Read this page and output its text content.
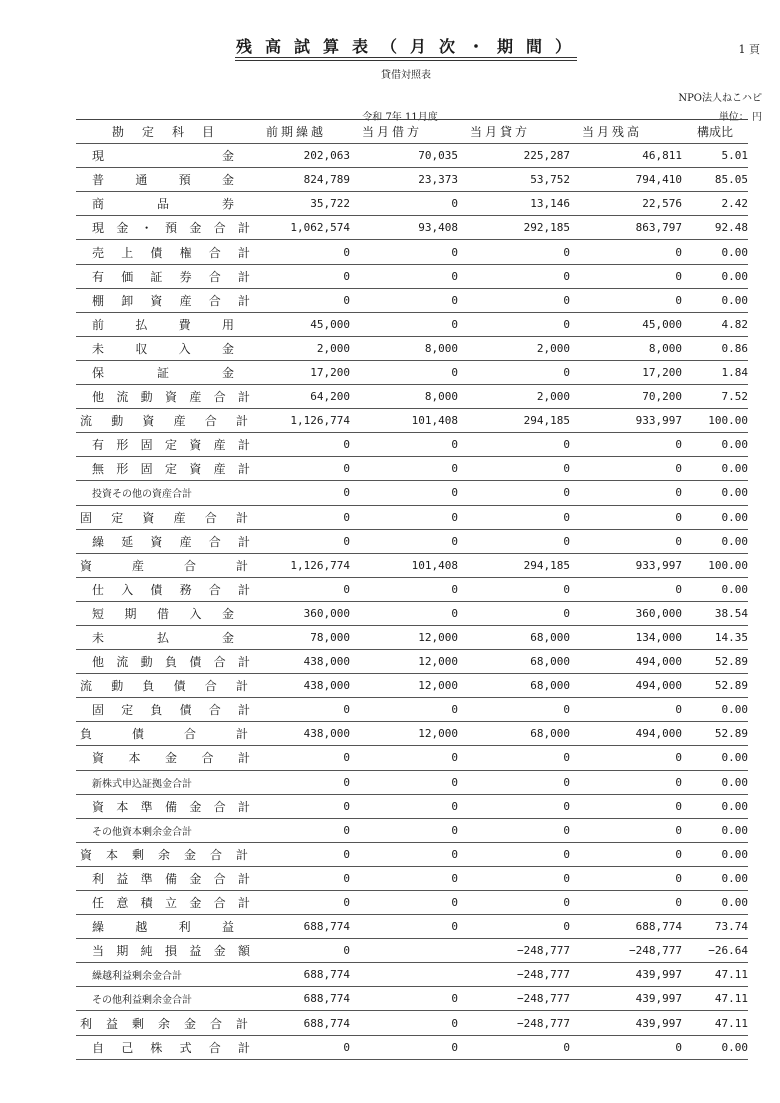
残高試算表（月次・期間）	1 頁
貸借対照表
NPO法人ねこハピ
令和 7年 11月度	単位： 円
勘定科目	前期繰越	当月借方	当月貸方	当月残高	構成比
現金	202,063	70,035	225,287	46,811	5.01
普通預金	824,789	23,373	53,752	794,410	85.05
商品券	35,722	0	13,146	22,576	2.42
現金・預金合計	1,062,574	93,408	292,185	863,797	92.48
売上債権合計	0	0	0	0	0.00
有価証券合計	0	0	0	0	0.00
棚卸資産合計	0	0	0	0	0.00
前払費用	45,000	0	0	45,000	4.82
未収入金	2,000	8,000	2,000	8,000	0.86
保証金	17,200	0	0	17,200	1.84
他流動資産合計	64,200	8,000	2,000	70,200	7.52
流動資産合計	1,126,774	101,408	294,185	933,997	100.00
有形固定資産計	0	0	0	0	0.00
無形固定資産計	0	0	0	0	0.00
投資その他の資産合計	0	0	0	0	0.00
固定資産合計	0	0	0	0	0.00
繰延資産合計	0	0	0	0	0.00
資産合計	1,126,774	101,408	294,185	933,997	100.00
仕入債務合計	0	0	0	0	0.00
短期借入金	360,000	0	0	360,000	38.54
未払金	78,000	12,000	68,000	134,000	14.35
他流動負債合計	438,000	12,000	68,000	494,000	52.89
流動負債合計	438,000	12,000	68,000	494,000	52.89
固定負債合計	0	0	0	0	0.00
負債合計	438,000	12,000	68,000	494,000	52.89
資本金合計	0	0	0	0	0.00
新株式申込証拠金合計	0	0	0	0	0.00
資本準備金合計	0	0	0	0	0.00
その他資本剰余金合計	0	0	0	0	0.00
資本剰余金合計	0	0	0	0	0.00
利益準備金合計	0	0	0	0	0.00
任意積立金合計	0	0	0	0	0.00
繰越利益	688,774	0	0	688,774	73.74
当期純損益金額	0		−248,777	−248,777	−26.64
繰越利益剰余金合計	688,774		−248,777	439,997	47.11
その他利益剰余金合計	688,774	0	−248,777	439,997	47.11
利益剰余金合計	688,774	0	−248,777	439,997	47.11
自己株式合計	0	0	0	0	0.00
